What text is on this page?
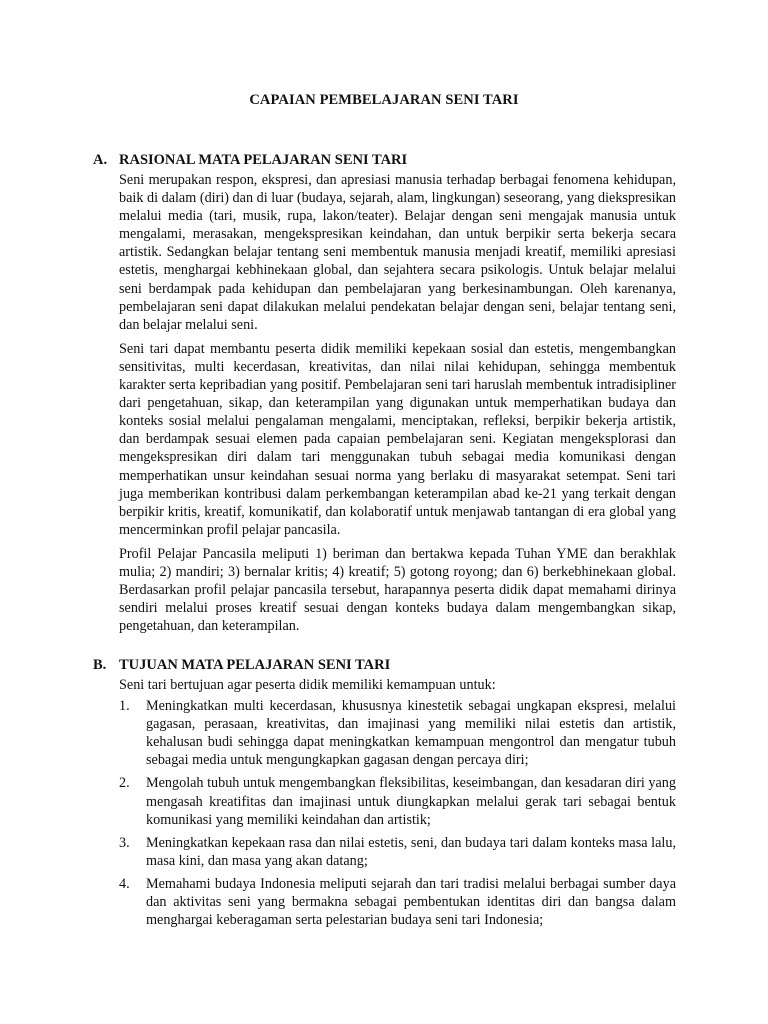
CAPAIAN PEMBELAJARAN SENI TARI
A. RASIONAL MATA PELAJARAN SENI TARI

Seni merupakan respon, ekspresi, dan apresiasi manusia terhadap berbagai fenomena kehidupan, baik di dalam (diri) dan di luar (budaya, sejarah, alam, lingkungan) seseorang, yang diekspresikan melalui media (tari, musik, rupa, lakon/teater). Belajar dengan seni mengajak manusia untuk mengalami, merasakan, mengekspresikan keindahan, dan untuk berpikir serta bekerja secara artistik. Sedangkan belajar tentang seni membentuk manusia menjadi kreatif, memiliki apresiasi estetis, menghargai kebhinekaan global, dan sejahtera secara psikologis. Untuk belajar melalui seni berdampak pada kehidupan dan pembelajaran yang berkesinambungan. Oleh karenanya, pembelajaran seni dapat dilakukan melalui pendekatan belajar dengan seni, belajar tentang seni, dan belajar melalui seni.

Seni tari dapat membantu peserta didik memiliki kepekaan sosial dan estetis, mengembangkan sensitivitas, multi kecerdasan, kreativitas, dan nilai nilai kehidupan, sehingga membentuk karakter serta kepribadian yang positif. Pembelajaran seni tari haruslah membentuk intradisipliner dari pengetahuan, sikap, dan keterampilan yang digunakan untuk memperhatikan budaya dan konteks sosial melalui pengalaman mengalami, menciptakan, refleksi, berpikir bekerja artistik, dan berdampak sesuai elemen pada capaian pembelajaran seni. Kegiatan mengeksplorasi dan mengekspresikan diri dalam tari menggunakan tubuh sebagai media komunikasi dengan memperhatikan unsur keindahan sesuai norma yang berlaku di masyarakat setempat. Seni tari juga memberikan kontribusi dalam perkembangan keterampilan abad ke-21 yang terkait dengan berpikir kritis, kreatif, komunikatif, dan kolaboratif untuk menjawab tantangan di era global yang mencerminkan profil pelajar pancasila.

Profil Pelajar Pancasila meliputi 1) beriman dan bertakwa kepada Tuhan YME dan berakhlak mulia; 2) mandiri; 3) bernalar kritis; 4) kreatif; 5) gotong royong; dan 6) berkebhinekaan global. Berdasarkan profil pelajar pancasila tersebut, harapannya peserta didik dapat memahami dirinya sendiri melalui proses kreatif sesuai dengan konteks budaya dalam mengembangkan sikap, pengetahuan, dan keterampilan.

B. TUJUAN MATA PELAJARAN SENI TARI

Seni tari bertujuan agar peserta didik memiliki kemampuan untuk:

1.	Meningkatkan multi kecerdasan, khususnya kinestetik sebagai ungkapan ekspresi, melalui gagasan, perasaan, kreativitas, dan imajinasi yang memiliki nilai estetis dan artistik, kehalusan budi sehingga dapat meningkatkan kemampuan mengontrol dan mengatur tubuh sebagai media untuk mengungkapkan gagasan dengan percaya diri;
2.	Mengolah tubuh untuk mengembangkan fleksibilitas, keseimbangan, dan kesadaran diri yang mengasah kreatifitas dan imajinasi untuk diungkapkan melalui gerak tari sebagai bentuk komunikasi yang memiliki keindahan dan artistik;
3.	Meningkatkan kepekaan rasa dan nilai estetis, seni, dan budaya tari dalam konteks masa lalu, masa kini, dan masa yang akan datang;
4.	Memahami budaya Indonesia meliputi sejarah dan tari tradisi melalui berbagai sumber daya dan aktivitas seni yang bermakna sebagai pembentukan identitas diri dan bangsa dalam menghargai keberagaman serta pelestarian budaya seni tari Indonesia;
